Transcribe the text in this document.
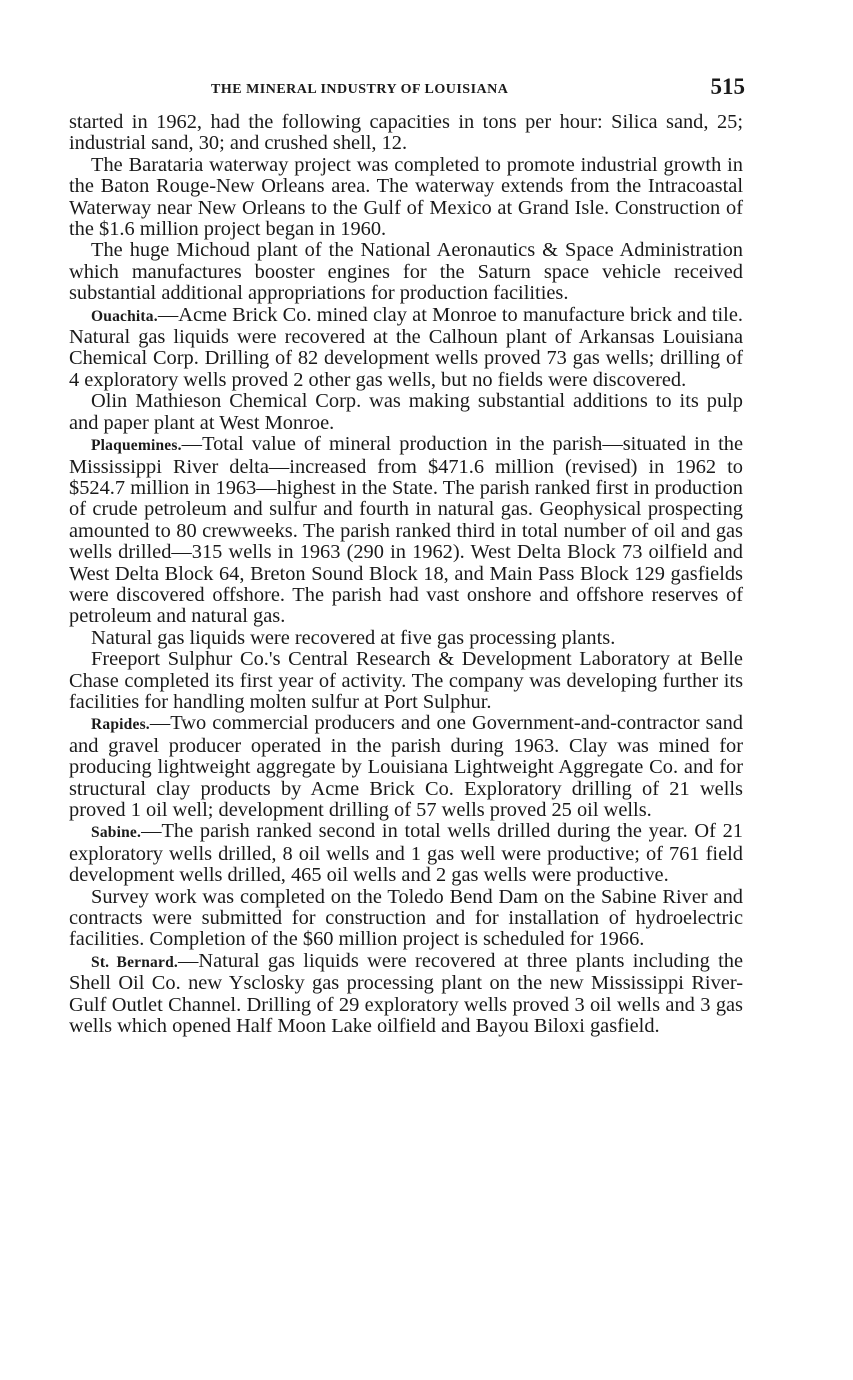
THE MINERAL INDUSTRY OF LOUISIANA	515

started in 1962, had the following capacities in tons per hour: Silica sand, 25; industrial sand, 30; and crushed shell, 12.

The Barataria waterway project was completed to promote industrial growth in the Baton Rouge-New Orleans area. The waterway extends from the Intracoastal Waterway near New Orleans to the Gulf of Mexico at Grand Isle. Construction of the $1.6 million project began in 1960.

The huge Michoud plant of the National Aeronautics & Space Administration which manufactures booster engines for the Saturn space vehicle received substantial additional appropriations for production facilities.

Ouachita.—Acme Brick Co. mined clay at Monroe to manufacture brick and tile. Natural gas liquids were recovered at the Calhoun plant of Arkansas Louisiana Chemical Corp. Drilling of 82 development wells proved 73 gas wells; drilling of 4 exploratory wells proved 2 other gas wells, but no fields were discovered.

Olin Mathieson Chemical Corp. was making substantial additions to its pulp and paper plant at West Monroe.

Plaquemines.—Total value of mineral production in the parish—situated in the Mississippi River delta—increased from $471.6 million (revised) in 1962 to $524.7 million in 1963—highest in the State. The parish ranked first in production of crude petroleum and sulfur and fourth in natural gas. Geophysical prospecting amounted to 80 crewweeks. The parish ranked third in total number of oil and gas wells drilled—315 wells in 1963 (290 in 1962). West Delta Block 73 oilfield and West Delta Block 64, Breton Sound Block 18, and Main Pass Block 129 gasfields were discovered offshore. The parish had vast onshore and offshore reserves of petroleum and natural gas.

Natural gas liquids were recovered at five gas processing plants.

Freeport Sulphur Co.'s Central Research & Development Laboratory at Belle Chase completed its first year of activity. The company was developing further its facilities for handling molten sulfur at Port Sulphur.

Rapides.—Two commercial producers and one Government-and-contractor sand and gravel producer operated in the parish during 1963. Clay was mined for producing lightweight aggregate by Louisiana Lightweight Aggregate Co. and for structural clay products by Acme Brick Co. Exploratory drilling of 21 wells proved 1 oil well; development drilling of 57 wells proved 25 oil wells.

Sabine.—The parish ranked second in total wells drilled during the year. Of 21 exploratory wells drilled, 8 oil wells and 1 gas well were productive; of 761 field development wells drilled, 465 oil wells and 2 gas wells were productive.

Survey work was completed on the Toledo Bend Dam on the Sabine River and contracts were submitted for construction and for installation of hydroelectric facilities. Completion of the $60 million project is scheduled for 1966.

St. Bernard.—Natural gas liquids were recovered at three plants including the Shell Oil Co. new Ysclosky gas processing plant on the new Mississippi River-Gulf Outlet Channel. Drilling of 29 exploratory wells proved 3 oil wells and 3 gas wells which opened Half Moon Lake oilfield and Bayou Biloxi gasfield.
